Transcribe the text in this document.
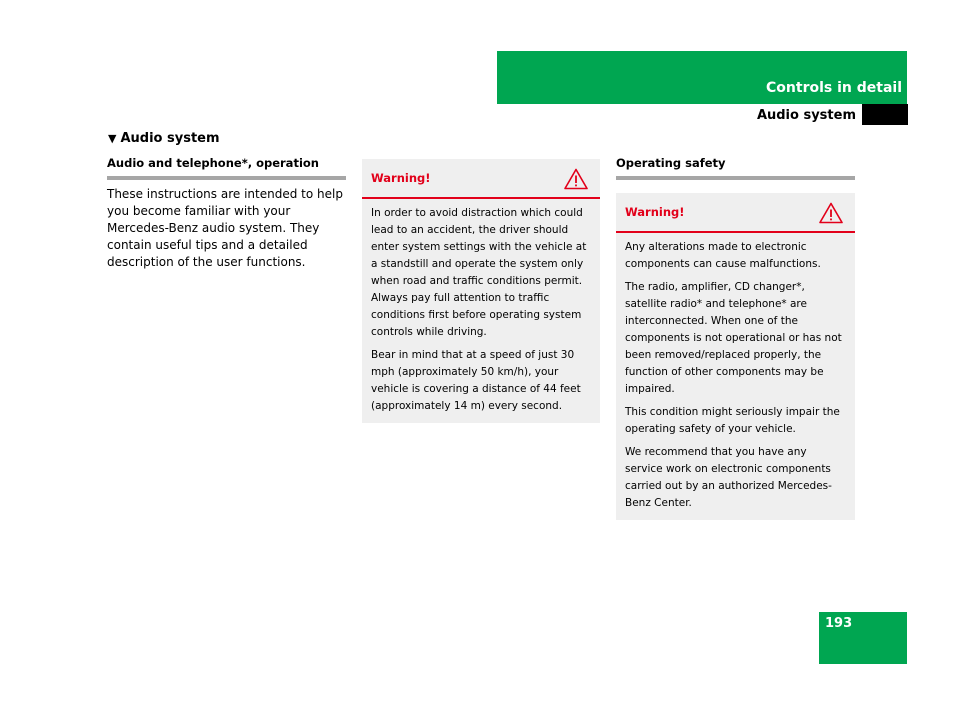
Controls in detail
Audio system
▼ Audio system
Audio and telephone*, operation
These instructions are intended to help you become familiar with your Mercedes-Benz audio system. They contain useful tips and a detailed description of the user functions.
Warning!

In order to avoid distraction which could lead to an accident, the driver should enter system settings with the vehicle at a standstill and operate the system only when road and traffic conditions permit. Always pay full attention to traffic conditions first before operating system controls while driving.

Bear in mind that at a speed of just 30 mph (approximately 50 km/h), your vehicle is covering a distance of 44 feet (approximately 14 m) every second.

Operating safety
Warning!

Any alterations made to electronic components can cause malfunctions.

The radio, amplifier, CD changer*, satellite radio* and telephone* are interconnected. When one of the components is not operational or has not been removed/replaced properly, the function of other components may be impaired.

This condition might seriously impair the operating safety of your vehicle.

We recommend that you have any service work on electronic components carried out by an authorized Mercedes-Benz Center.

193
